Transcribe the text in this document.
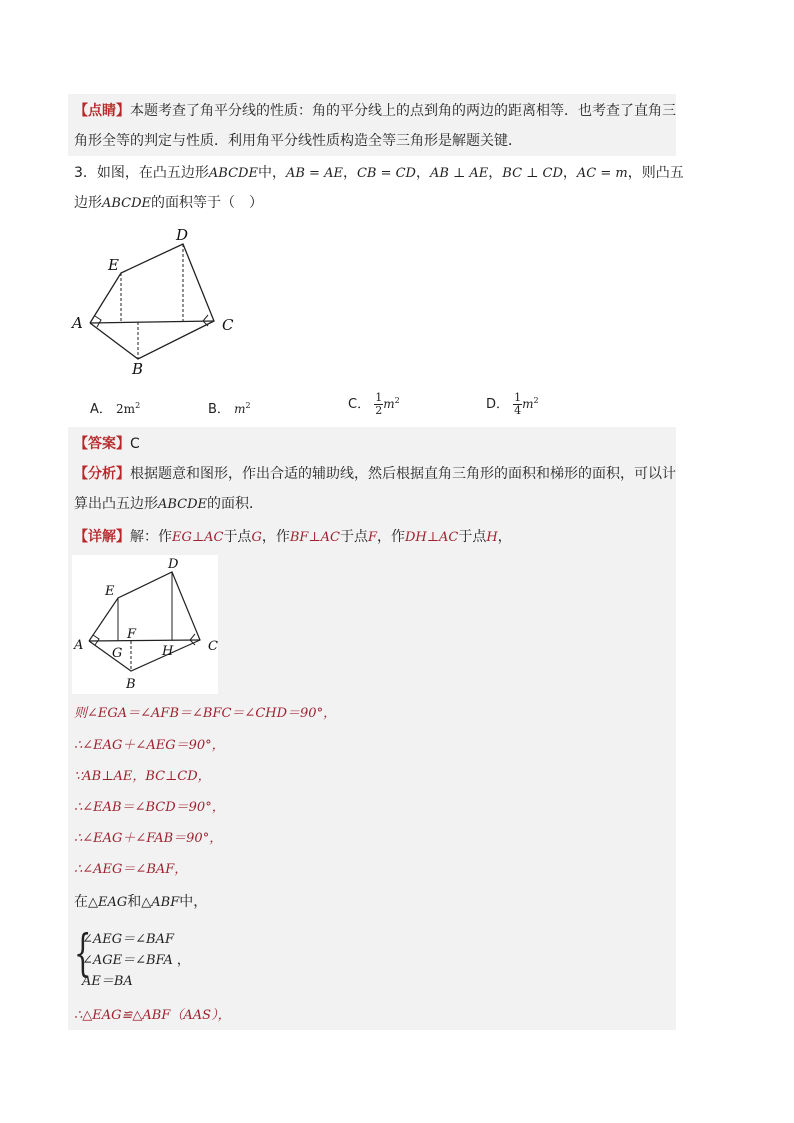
【点睛】本题考查了角平分线的性质：角的平分线上的点到角的两边的距离相等．也考查了直角三
角形全等的判定与性质．利用角平分线性质构造全等三角形是解题关键．
3．如图，在凸五边形ABCDE中，AB = AE，CB = CD，AB ⊥ AE，BC ⊥ CD，AC = m，则凸五
边形ABCDE的面积等于（　）
D
E
A	C
B
A． $2m^2$	B． $m^2$	C． $\frac{1}{2} m^2$	D． $\frac{1}{4} m^2$
【答案】C
【分析】根据题意和图形，作出合适的辅助线，然后根据直角三角形的面积和梯形的面积，可以计
算出凸五边形ABCDE的面积．
【详解】解：作EG⊥AC于点G，作BF⊥AC于点F，作DH⊥AC于点H，
D
E
A	C
F
G	H
B
则∠EGA＝∠AFB＝∠BFC＝∠CHD＝90°，
∴∠EAG＋∠AEG＝90°，
∵AB⊥AE，BC⊥CD，
∴∠EAB＝∠BCD＝90°，
∴∠EAG＋∠FAB＝90°，
∴∠AEG＝∠BAF，
在△EAG和△ABF中，
{
∠AEG＝∠BAF
∠AGE＝∠BFA ，
AE＝BA
∴△EAG≌△ABF（AAS），
